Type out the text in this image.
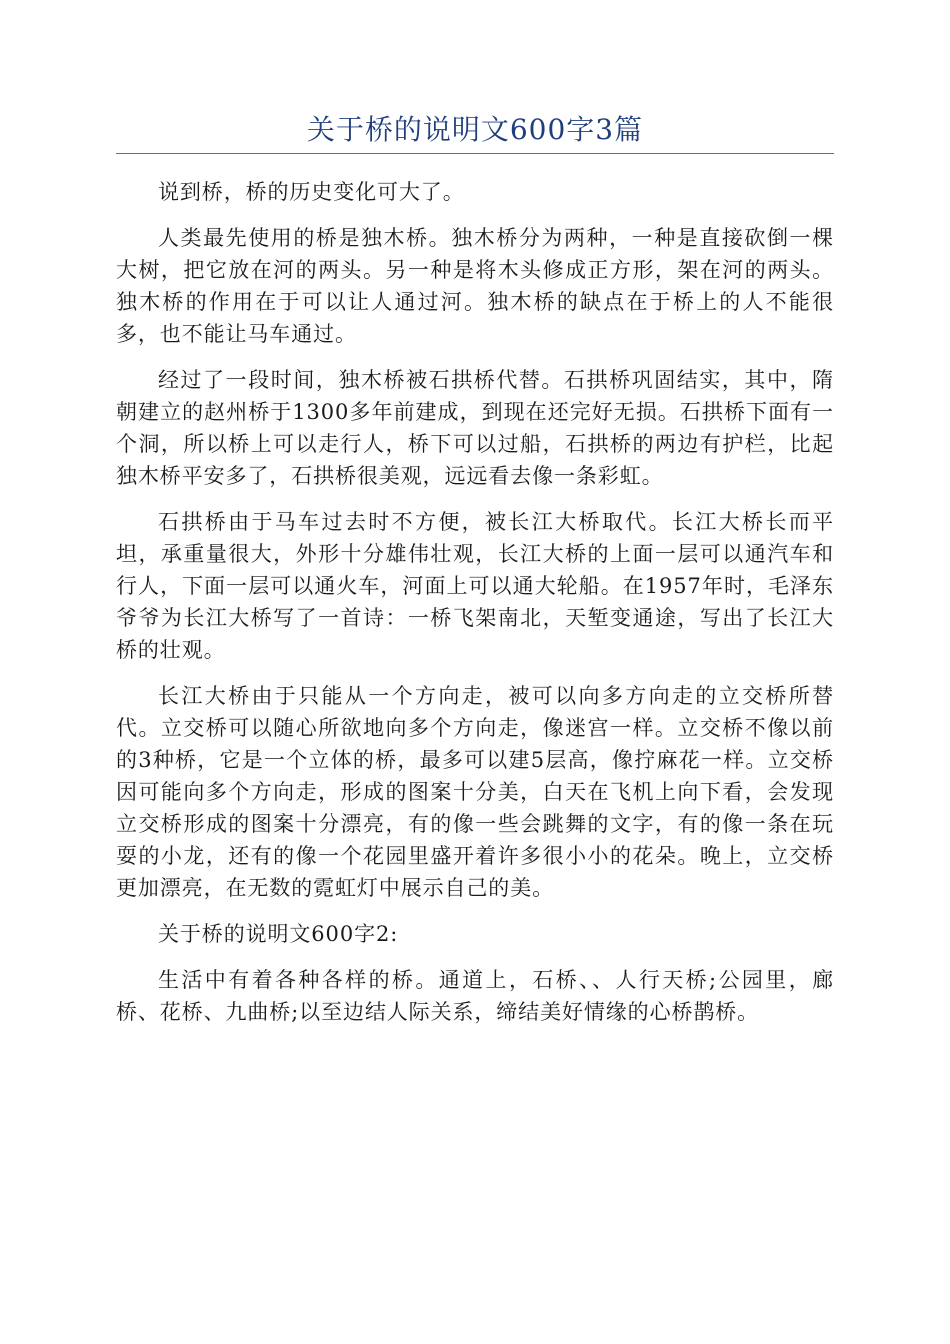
关于桥的说明文600字3篇

说到桥，桥的历史变化可大了。

人类最先使用的桥是独木桥。独木桥分为两种，一种是直接砍倒一棵大树，把它放在河的两头。另一种是将木头修成正方形，架在河的两头。独木桥的作用在于可以让人通过河。独木桥的缺点在于桥上的人不能很多，也不能让马车通过。

经过了一段时间，独木桥被石拱桥代替。石拱桥巩固结实，其中，隋朝建立的赵州桥于1300多年前建成，到现在还完好无损。石拱桥下面有一个洞，所以桥上可以走行人，桥下可以过船，石拱桥的两边有护栏，比起独木桥平安多了，石拱桥很美观，远远看去像一条彩虹。

石拱桥由于马车过去时不方便，被长江大桥取代。长江大桥长而平坦，承重量很大，外形十分雄伟壮观，长江大桥的上面一层可以通汽车和行人，下面一层可以通火车，河面上可以通大轮船。在1957年时，毛泽东爷爷为长江大桥写了一首诗：一桥飞架南北，天堑变通途，写出了长江大桥的壮观。

长江大桥由于只能从一个方向走，被可以向多方向走的立交桥所替代。立交桥可以随心所欲地向多个方向走，像迷宫一样。立交桥不像以前的3种桥，它是一个立体的桥，最多可以建5层高，像拧麻花一样。立交桥因可能向多个方向走，形成的图案十分美，白天在飞机上向下看，会发现立交桥形成的图案十分漂亮，有的像一些会跳舞的文字，有的像一条在玩耍的小龙，还有的像一个花园里盛开着许多很小小的花朵。晚上，立交桥更加漂亮，在无数的霓虹灯中展示自己的美。

关于桥的说明文600字2:

生活中有着各种各样的桥。通道上，石桥、、人行天桥;公园里，廊桥、花桥、九曲桥;以至边结人际关系，缔结美好情缘的心桥鹊桥。
